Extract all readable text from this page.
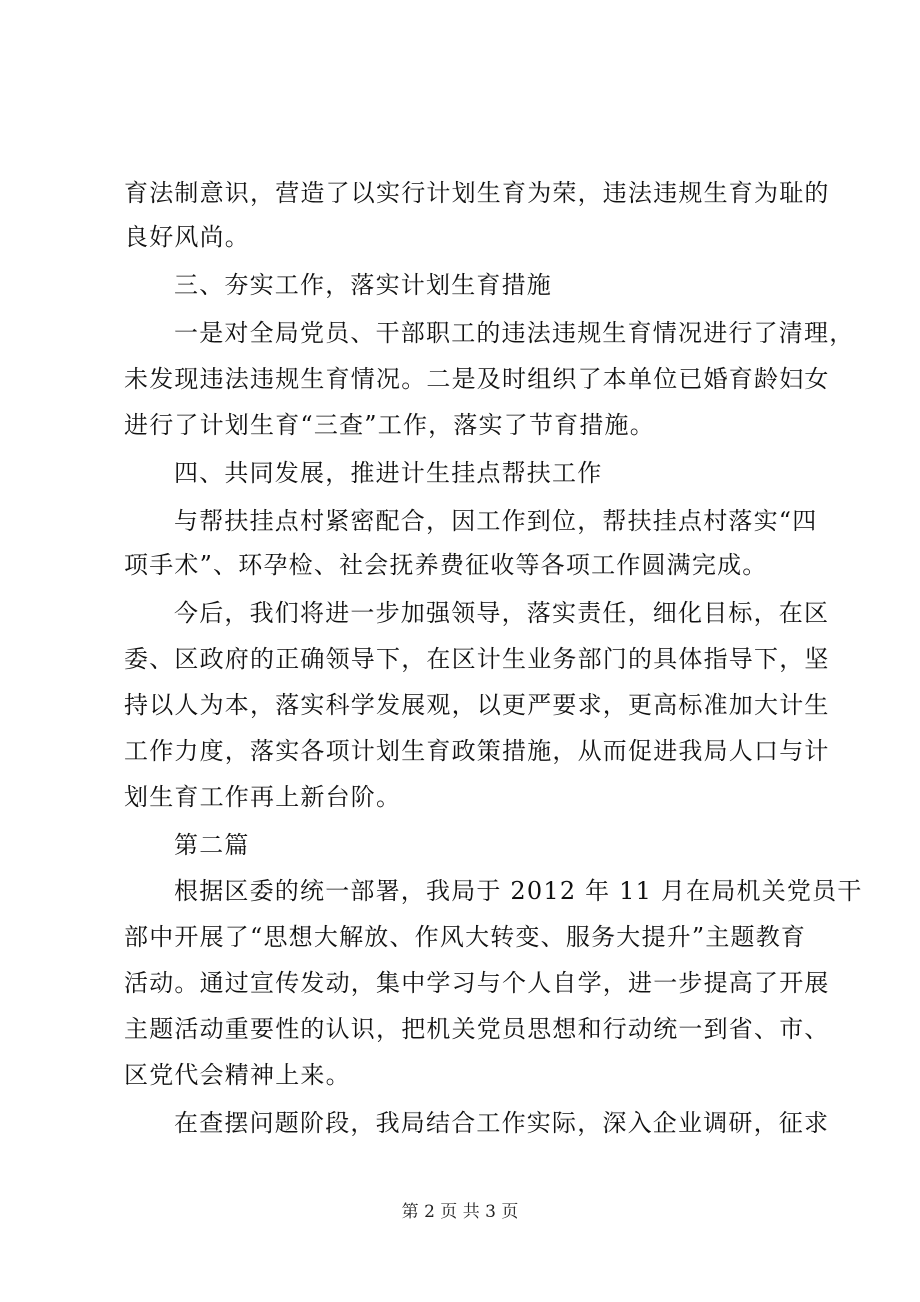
育法制意识，营造了以实行计划生育为荣，违法违规生育为耻的
良好风尚。
三、夯实工作，落实计划生育措施
一是对全局党员、干部职工的违法违规生育情况进行了清理，
未发现违法违规生育情况。二是及时组织了本单位已婚育龄妇女
进行了计划生育“三查”工作，落实了节育措施。
四、共同发展，推进计生挂点帮扶工作
与帮扶挂点村紧密配合，因工作到位，帮扶挂点村落实“四
项手术”、环孕检、社会抚养费征收等各项工作圆满完成。
今后，我们将进一步加强领导，落实责任，细化目标，在区
委、区政府的正确领导下，在区计生业务部门的具体指导下，坚
持以人为本，落实科学发展观，以更严要求，更高标准加大计生
工作力度，落实各项计划生育政策措施，从而促进我局人口与计
划生育工作再上新台阶。
第二篇
根据区委的统一部署，我局于 2012 年 11 月在局机关党员干
部中开展了“思想大解放、作风大转变、服务大提升”主题教育
活动。通过宣传发动，集中学习与个人自学，进一步提高了开展
主题活动重要性的认识，把机关党员思想和行动统一到省、市、
区党代会精神上来。
在查摆问题阶段，我局结合工作实际，深入企业调研，征求
第 2 页 共 3 页
